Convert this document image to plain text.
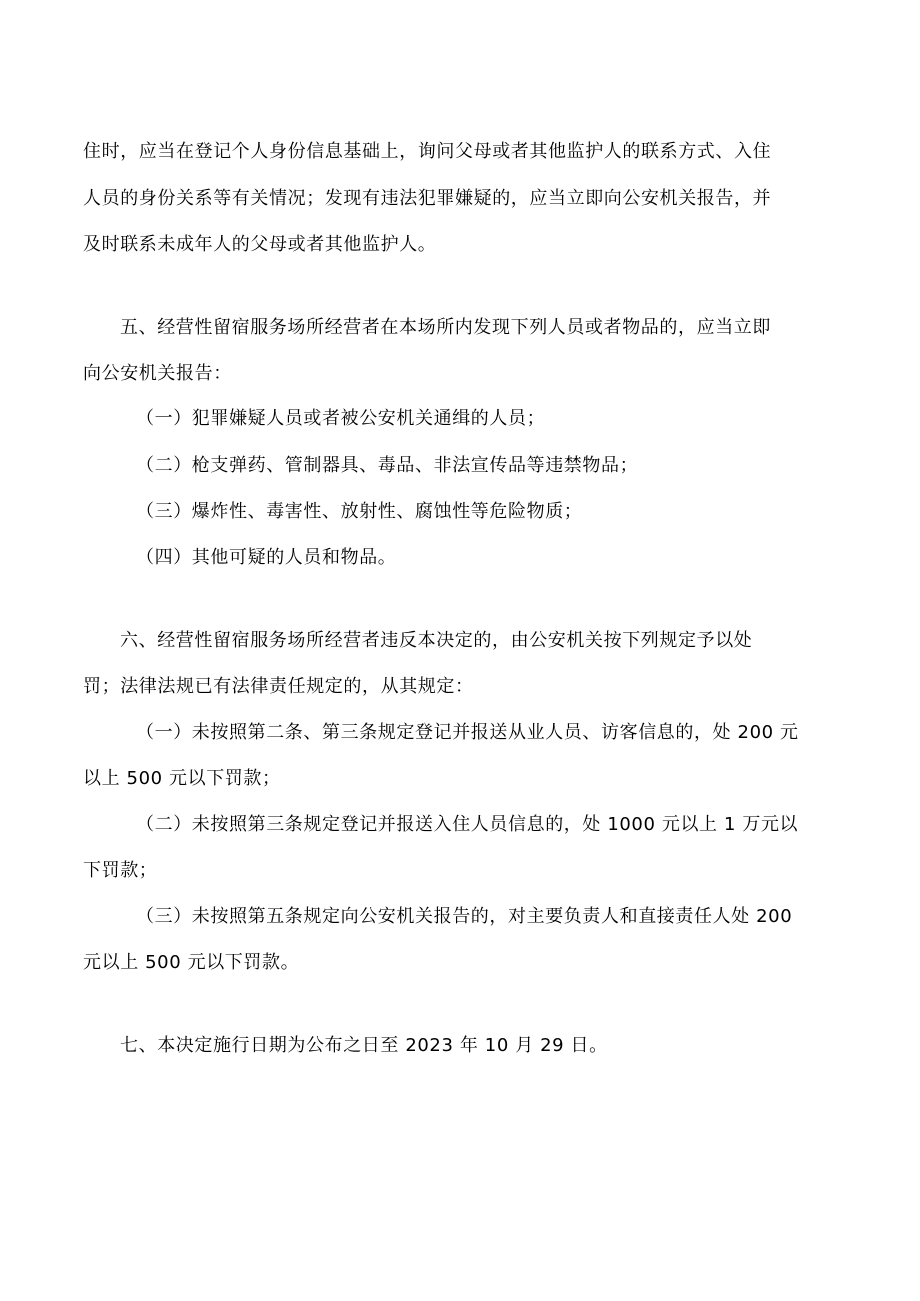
住时，应当在登记个人身份信息基础上，询问父母或者其他监护人的联系方式、入住
人员的身份关系等有关情况；发现有违法犯罪嫌疑的，应当立即向公安机关报告，并
及时联系未成年人的父母或者其他监护人。
五、经营性留宿服务场所经营者在本场所内发现下列人员或者物品的，应当立即
向公安机关报告：
（一）犯罪嫌疑人员或者被公安机关通缉的人员；
（二）枪支弹药、管制器具、毒品、非法宣传品等违禁物品；
（三）爆炸性、毒害性、放射性、腐蚀性等危险物质；
（四）其他可疑的人员和物品。
六、经营性留宿服务场所经营者违反本决定的，由公安机关按下列规定予以处
罚；法律法规已有法律责任规定的，从其规定：
（一）未按照第二条、第三条规定登记并报送从业人员、访客信息的，处 200 元
以上 500 元以下罚款；
（二）未按照第三条规定登记并报送入住人员信息的，处 1000 元以上 1 万元以
下罚款；
（三）未按照第五条规定向公安机关报告的，对主要负责人和直接责任人处 200
元以上 500 元以下罚款。
七、本决定施行日期为公布之日至 2023 年 10 月 29 日。
